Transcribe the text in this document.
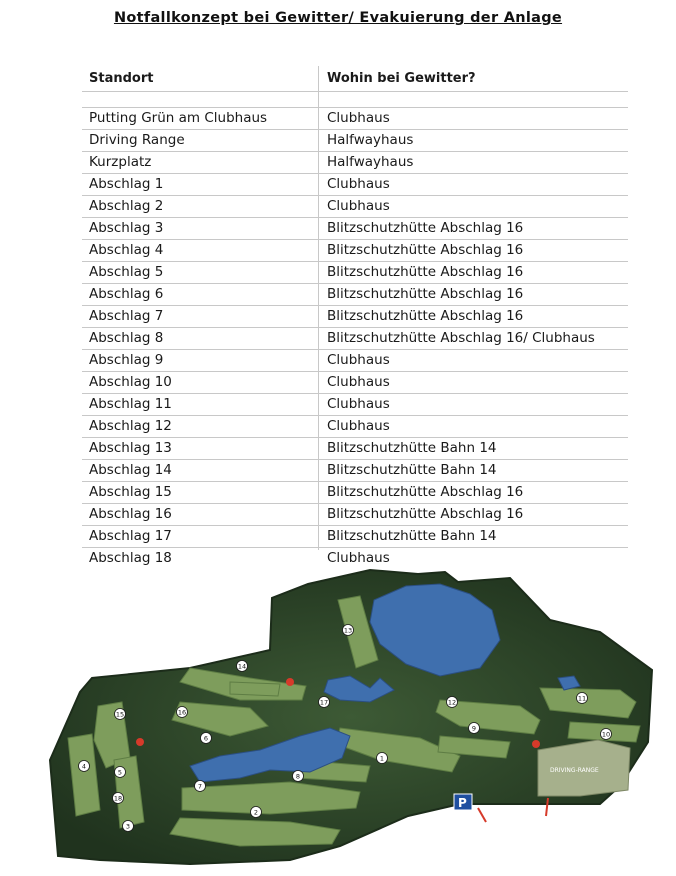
Notfallkonzept bei Gewitter/ Evakuierung der Anlage
Standort	Wohin bei Gewitter?
Putting Grün am Clubhaus	Clubhaus
Driving Range	Halfwayhaus
Kurzplatz	Halfwayhaus
Abschlag 1	Clubhaus
Abschlag 2	Clubhaus
Abschlag 3	Blitzschutzhütte Abschlag 16
Abschlag 4	Blitzschutzhütte Abschlag 16
Abschlag 5	Blitzschutzhütte Abschlag 16
Abschlag 6	Blitzschutzhütte Abschlag 16
Abschlag 7	Blitzschutzhütte Abschlag 16
Abschlag 8	Blitzschutzhütte Abschlag 16/ Clubhaus
Abschlag 9	Clubhaus
Abschlag 10	Clubhaus
Abschlag 11	Clubhaus
Abschlag 12	Clubhaus
Abschlag 13	Blitzschutzhütte Bahn 14
Abschlag 14	Blitzschutzhütte Bahn 14
Abschlag 15	Blitzschutzhütte Abschlag 16
Abschlag 16	Blitzschutzhütte Abschlag 16
Abschlag 17	Blitzschutzhütte Bahn 14
Abschlag 18	Clubhaus
DRIVING-RANGE
P
1
2
3
4
5
6
7
8
9
10
11
12
13
14
15	16
17
18
